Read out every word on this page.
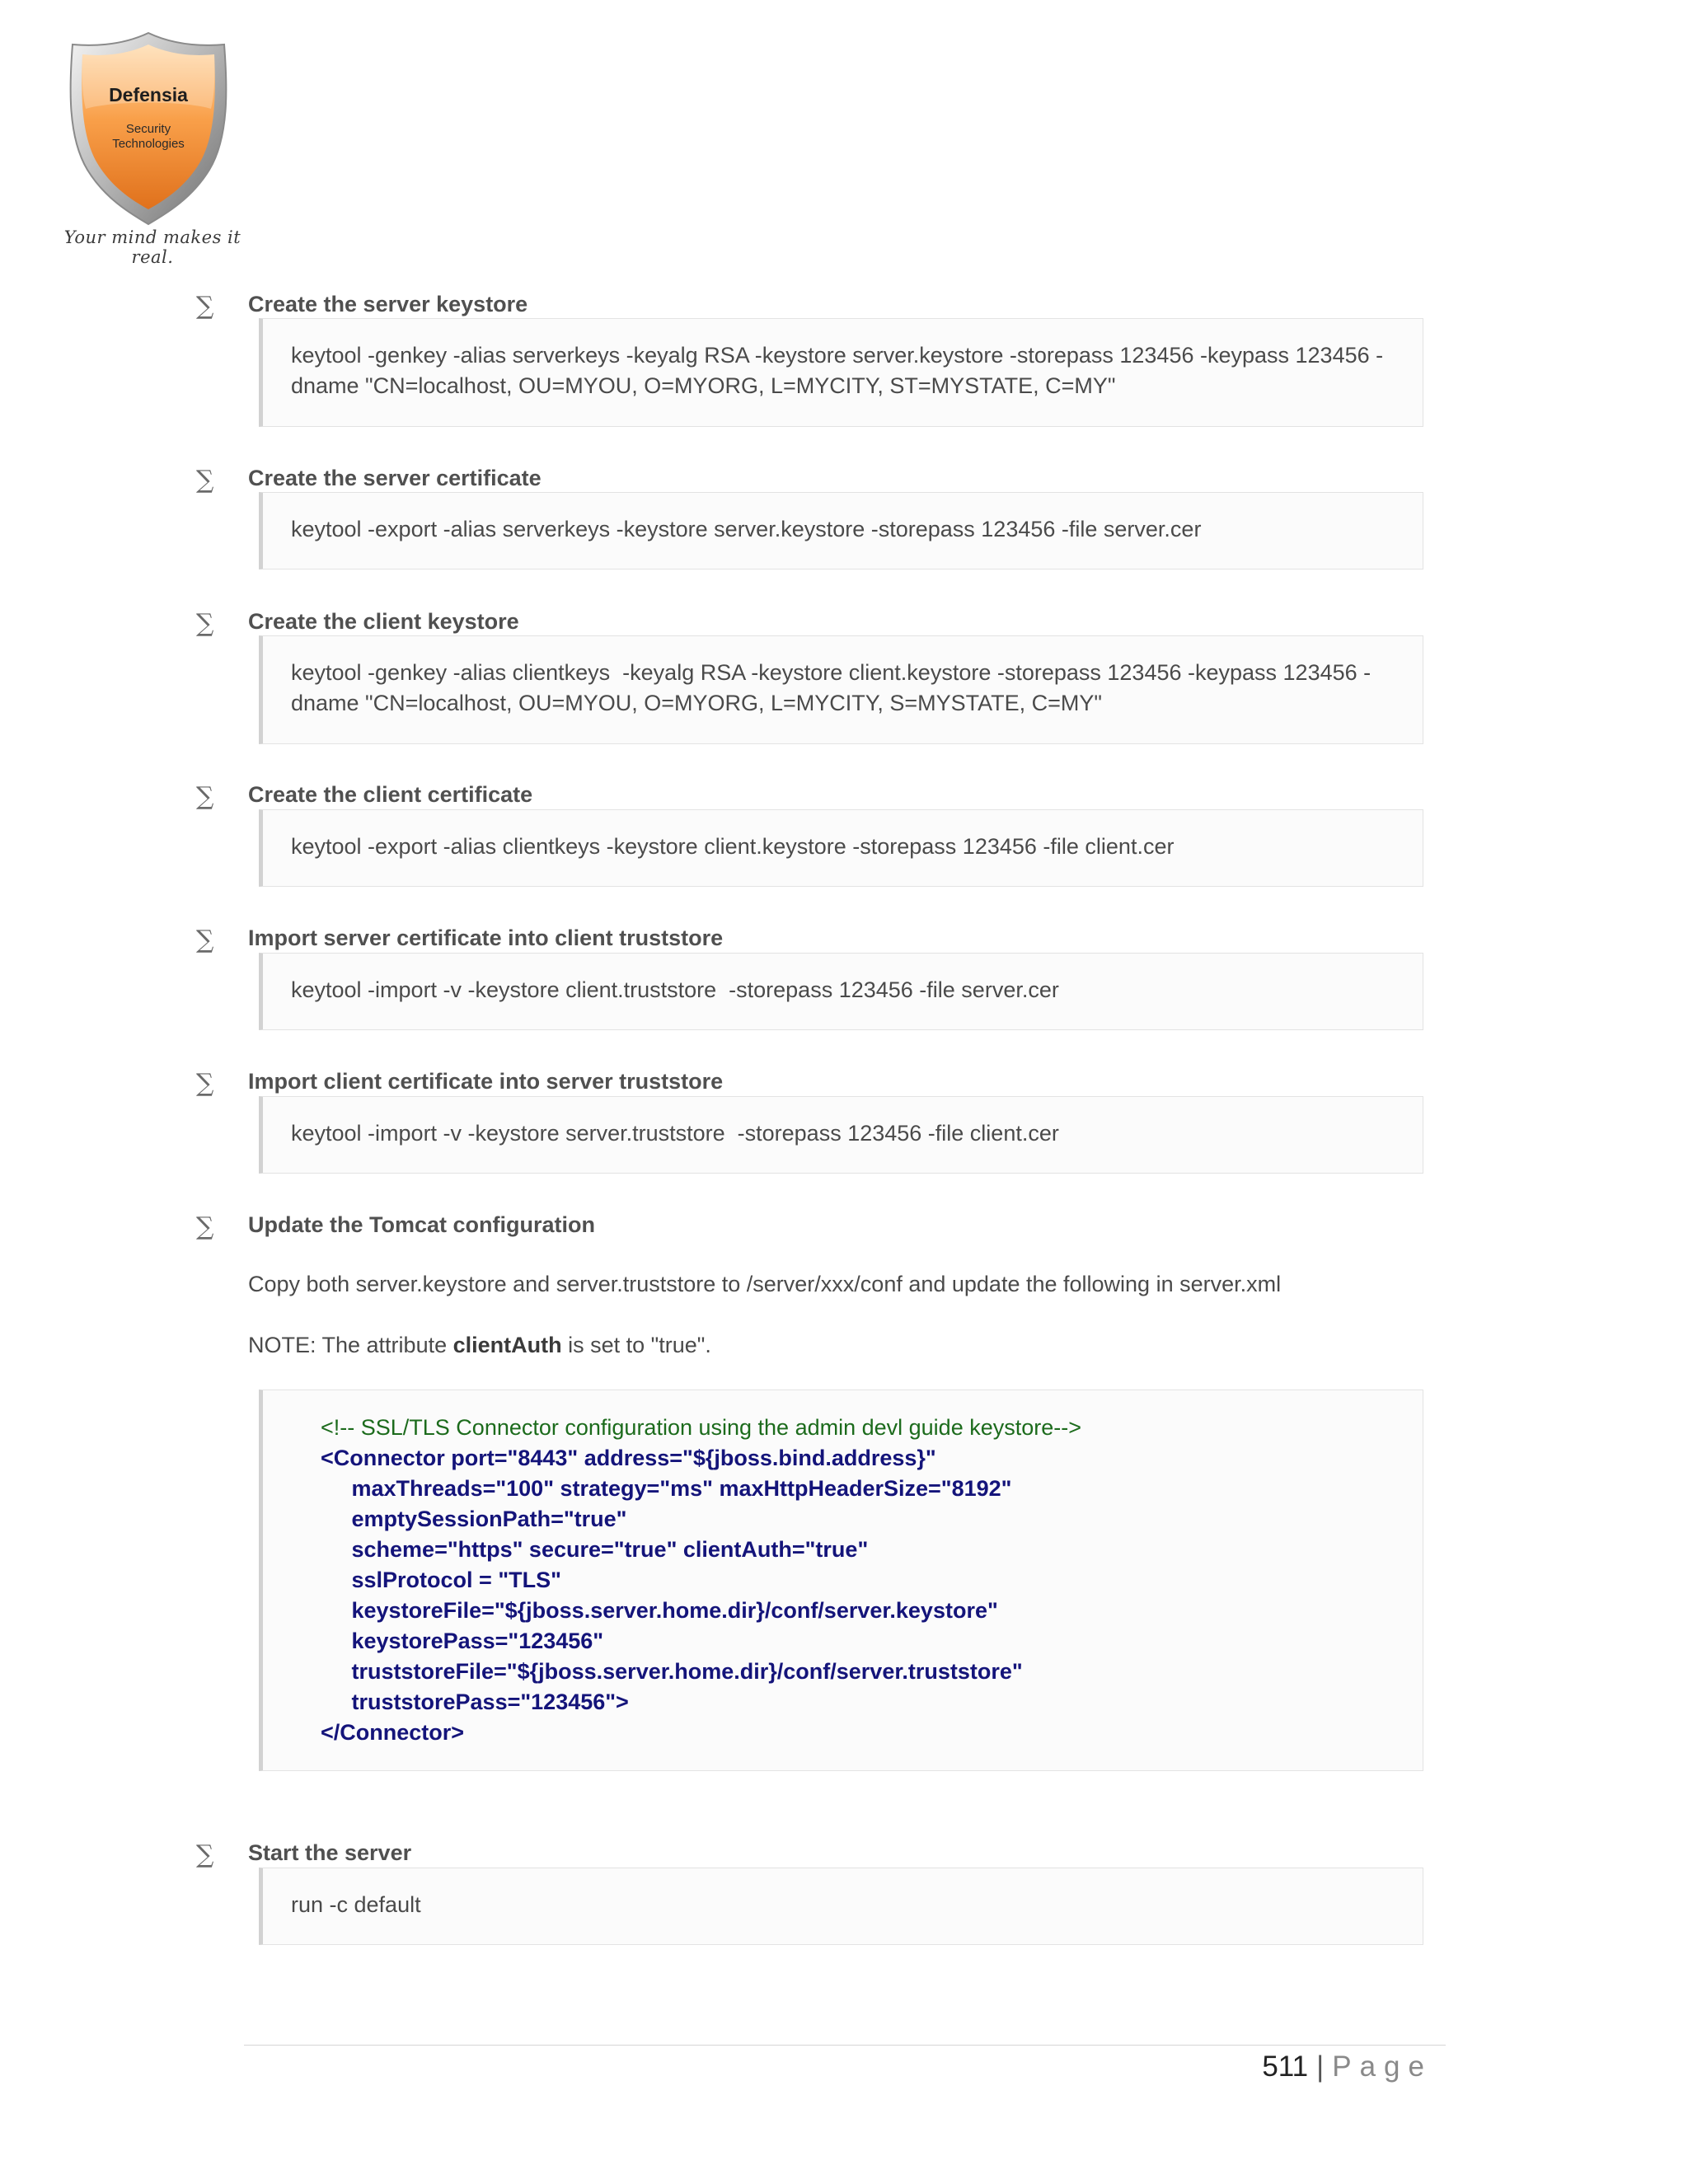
Defensia
Security
Technologies
Your mind makes it real.
∑ Create the server keystore
keytool -genkey -alias serverkeys -keyalg RSA -keystore server.keystore -storepass 123456 -keypass 123456 -
dname "CN=localhost, OU=MYOU, O=MYORG, L=MYCITY, ST=MYSTATE, C=MY"
∑ Create the server certificate
keytool -export -alias serverkeys -keystore server.keystore -storepass 123456 -file server.cer
∑ Create the client keystore
keytool -genkey -alias clientkeys  -keyalg RSA -keystore client.keystore -storepass 123456 -keypass 123456 -
dname "CN=localhost, OU=MYOU, O=MYORG, L=MYCITY, S=MYSTATE, C=MY"
∑ Create the client certificate
keytool -export -alias clientkeys -keystore client.keystore -storepass 123456 -file client.cer
∑ Import server certificate into client truststore
keytool -import -v -keystore client.truststore  -storepass 123456 -file server.cer
∑ Import client certificate into server truststore
keytool -import -v -keystore server.truststore  -storepass 123456 -file client.cer
∑ Update the Tomcat configuration
Copy both server.keystore and server.truststore to /server/xxx/conf and update the following in server.xml
NOTE: The attribute clientAuth is set to "true".
<!-- SSL/TLS Connector configuration using the admin devl guide keystore-->
<Connector port="8443" address="${jboss.bind.address}"
maxThreads="100" strategy="ms" maxHttpHeaderSize="8192"
emptySessionPath="true"
scheme="https" secure="true" clientAuth="true"
sslProtocol = "TLS"
keystoreFile="${jboss.server.home.dir}/conf/server.keystore"
keystorePass="123456"
truststoreFile="${jboss.server.home.dir}/conf/server.truststore"
truststorePass="123456">
</Connector>
∑ Start the server
run -c default
511 | Page
